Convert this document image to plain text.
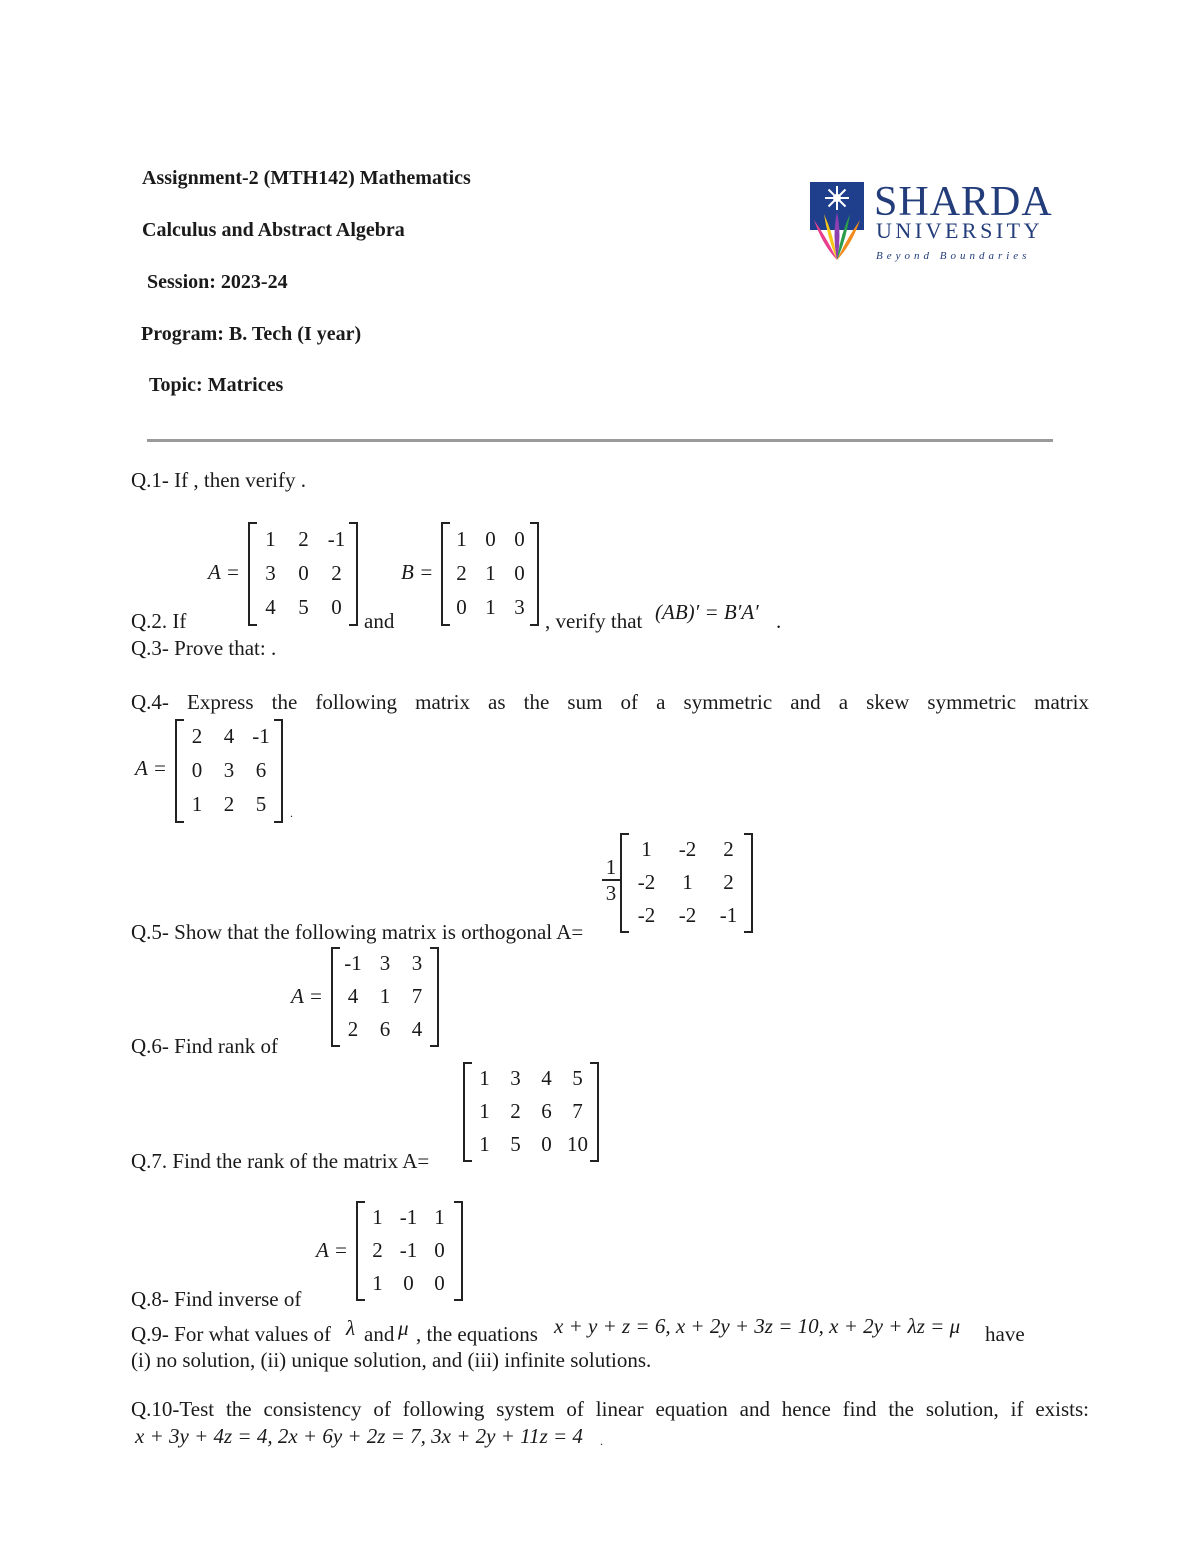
Assignment-2 (MTH142) Mathematics
Calculus and Abstract Algebra
Session: 2023-24
Program: B. Tech (I year)
Topic: Matrices
SHARDA
UNIVERSITY
Beyond Boundaries
Q.1- If , then verify .
A =
1	2	-1
3	0	2
4	5	0
B =
1	0	0
2	1	0
0	1	3
Q.2. If	and	, verify that (AB)′ = B′A′ .
Q.3- Prove that: .
Q.4- Express the following matrix as the sum of a symmetric and a skew symmetric matrix
A =
2	4	-1
0	3	6
1	2	5 .
1
3
1	-2	2
-2	1	2
-2	-2	-1
Q.5- Show that the following matrix is orthogonal A=
A =
-1	3	3
4	1	7
2	6	4
Q.6- Find rank of
1	3	4	5
1	2	6	7
1	5	0	10
Q.7. Find the rank of the matrix A=
A =
1	-1	1
2	-1	0
1	0	0
Q.8- Find inverse of
Q.9- For what values of λ and μ , the equations x + y + z = 6, x + 2y + 3z = 10, x + 2y + λz = μ have
(i) no solution, (ii) unique solution, and (iii) infinite solutions.
Q.10-Test the consistency of following system of linear equation and hence find the solution, if exists:
x + 3y + 4z = 4, 2x + 6y + 2z = 7, 3x + 2y + 11z = 4 .
